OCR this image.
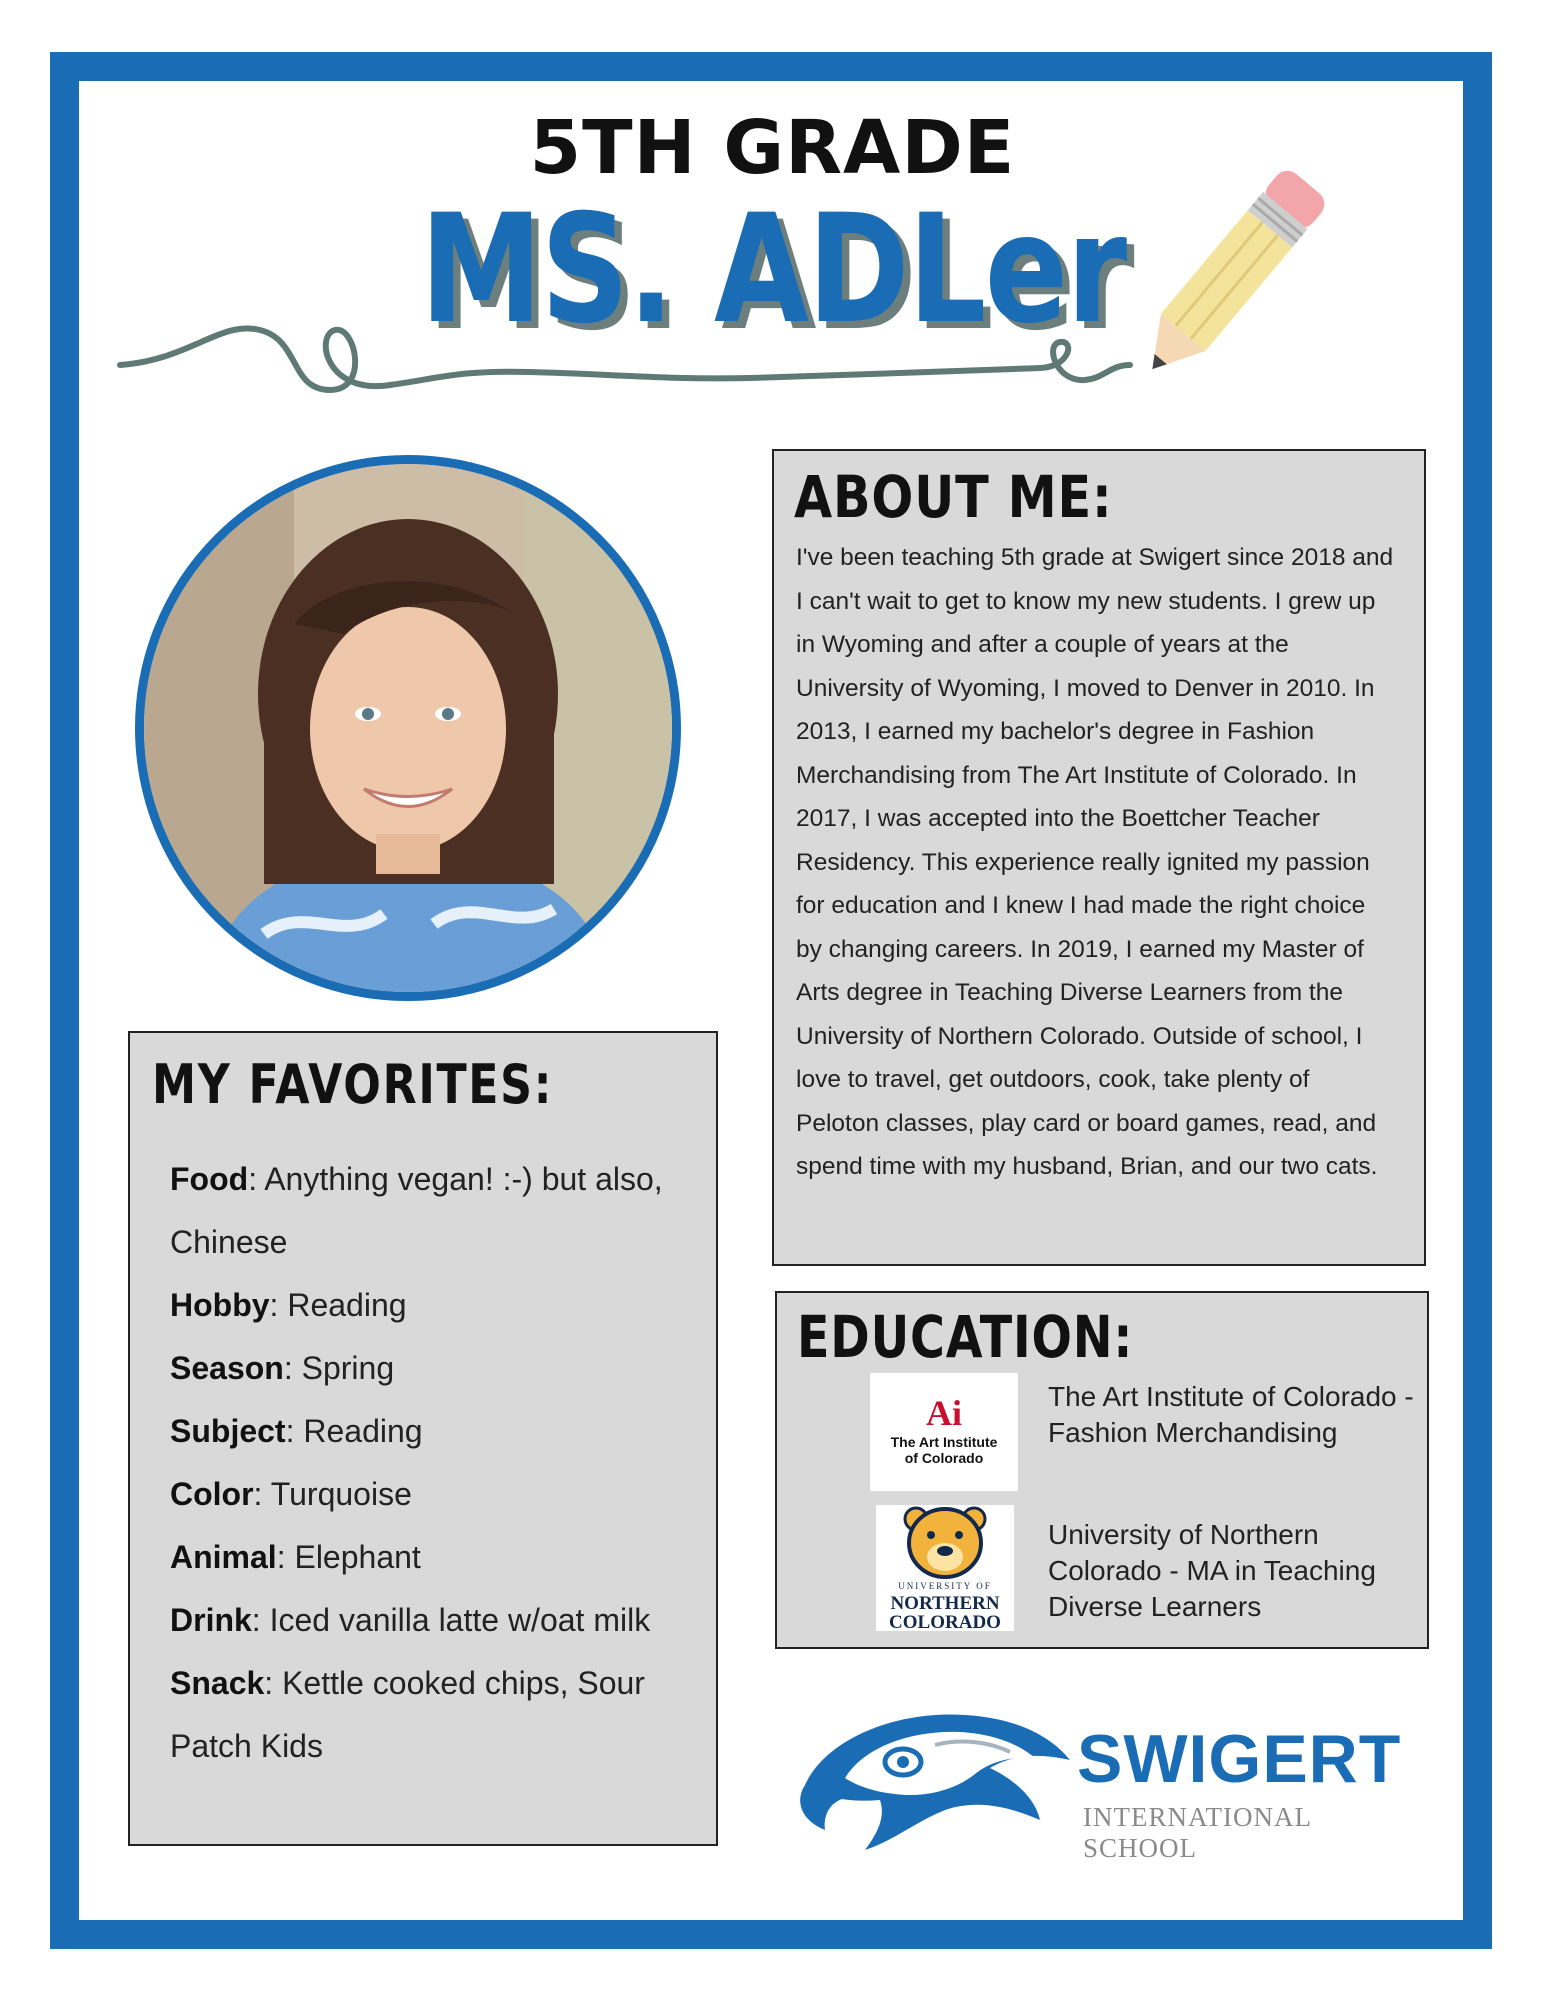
5TH GRADE
MS. ADLer
ABOUT ME:

I've been teaching 5th grade at Swigert since 2018 and I can't wait to get to know my new students. I grew up in Wyoming and after a couple of years at the University of Wyoming, I moved to Denver in 2010. In 2013, I earned my bachelor's degree in Fashion Merchandising from The Art Institute of Colorado. In 2017, I was accepted into the Boettcher Teacher Residency. This experience really ignited my passion for education and I knew I had made the right choice by changing careers. In 2019, I earned my Master of Arts degree in Teaching Diverse Learners from the University of Northern Colorado. Outside of school, I love to travel, get outdoors, cook, take plenty of Peloton classes, play card or board games, read, and spend time with my husband, Brian, and our two cats.

MY FAVORITES:
Food: Anything vegan! :-) but also, Chinese
Hobby: Reading
Season: Spring
Subject: Reading
Color: Turquoise
Animal: Elephant
Drink: Iced vanilla latte w/oat milk
Snack: Kettle cooked chips, Sour Patch Kids
EDUCATION:
Ai
The Art Institute
of Colorado
The Art Institute of Colorado - Fashion Merchandising
UNIVERSITY OF
NORTHERN
COLORADO
University of Northern Colorado - MA in Teaching Diverse Learners
SWIGERT
INTERNATIONAL SCHOOL
